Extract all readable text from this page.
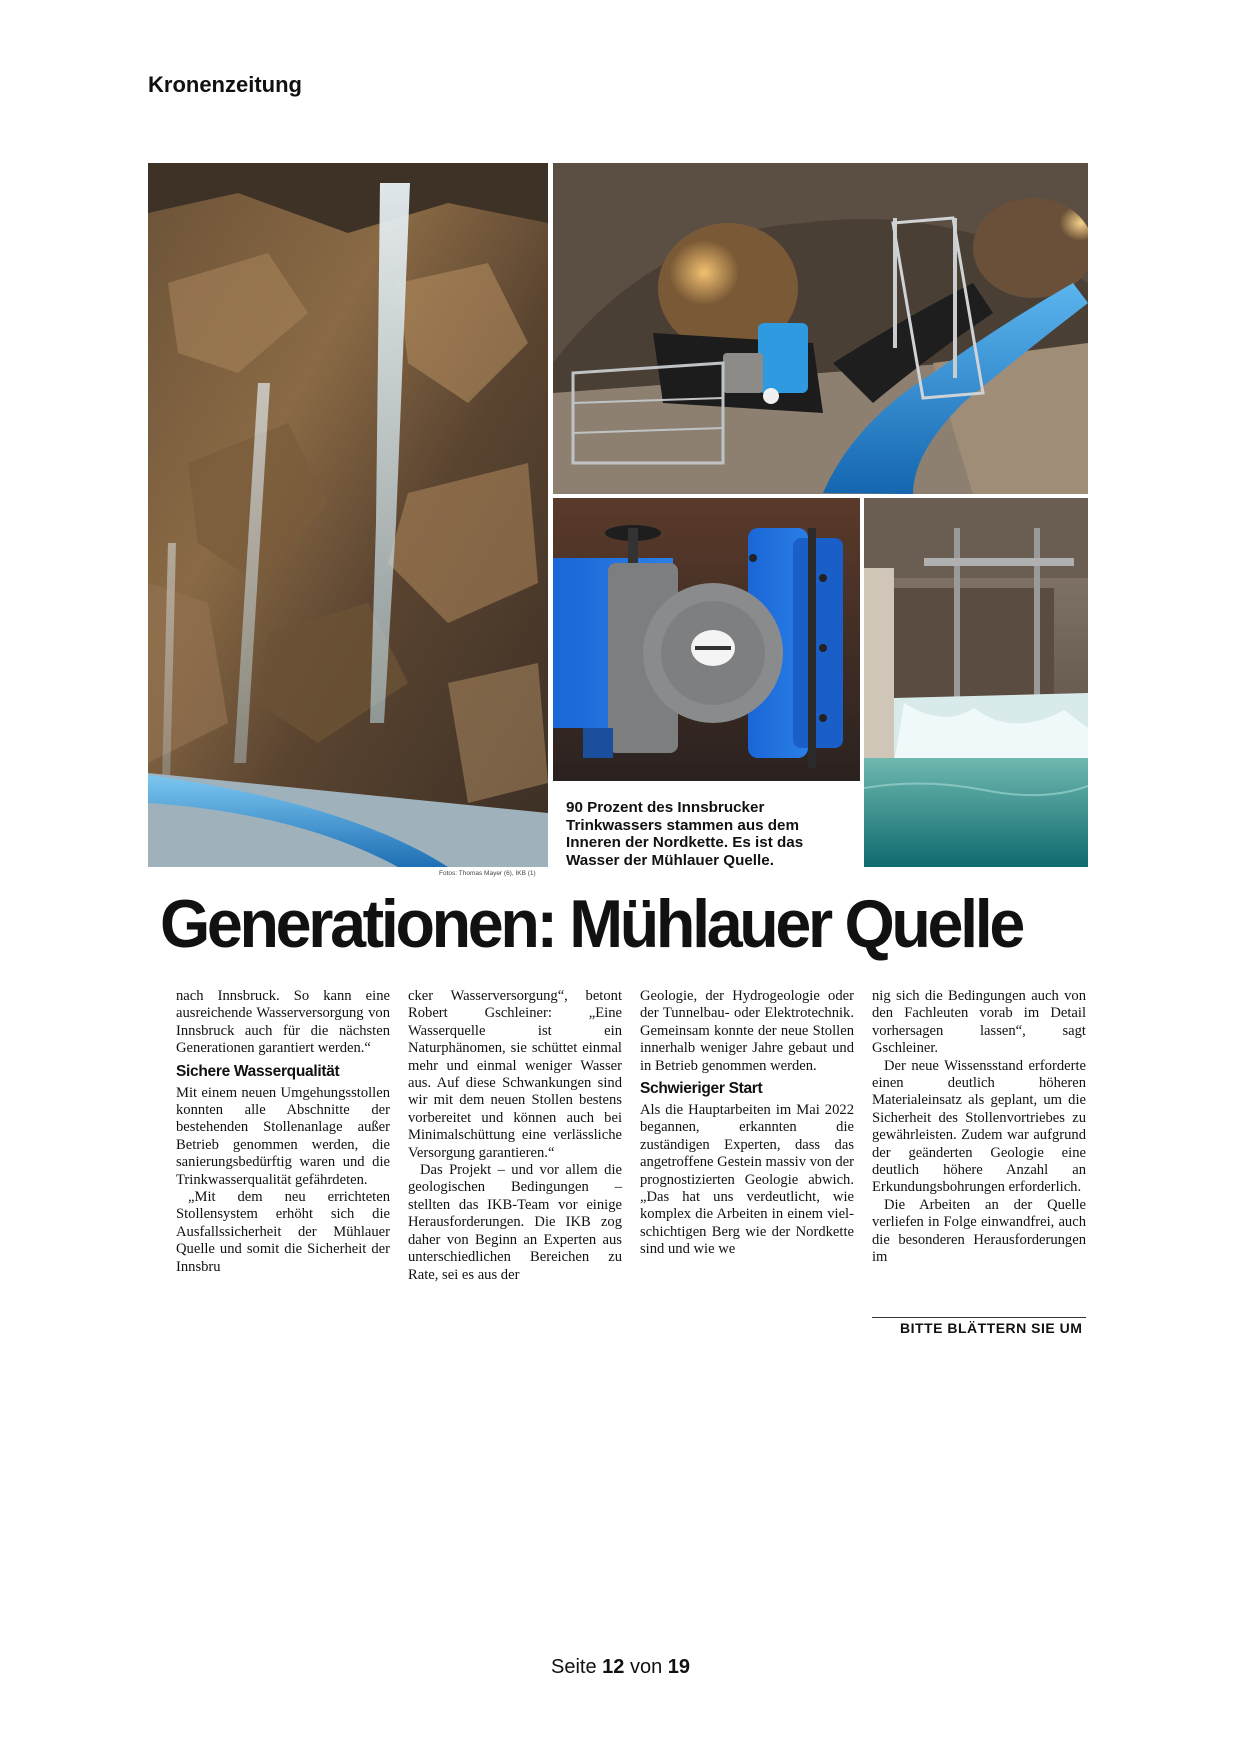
Kronenzeitung
Fotos: Thomas Mayer (6), IKB (1)
90 Prozent des Innsbrucker Trinkwassers stammen aus dem Inneren der Nordkette. Es ist das Wasser der Mühlauer Quelle.
Generationen: Mühlauer Quelle

nach Innsbruck. So kann eine ausreichende Wasserversorgung von Innsbruck auch für die nächsten Generationen garantiert werden.“

Sichere Wasserqualität

Mit einem neuen Umgehungsstollen konnten alle Abschnitte der bestehenden Stollenanlage außer Betrieb genommen werden, die sanierungsbedürftig waren und die Trinkwasserqualität gefährdeten.

„Mit dem neu errichteten Stollensystem erhöht sich die Ausfallssicherheit der Mühlauer Quelle und somit die Sicherheit der Innsbru

cker Wasserversorgung“, betont Robert Gschleiner: „Eine Wasserquelle ist ein Naturphänomen, sie schüttet einmal mehr und einmal weniger Wasser aus. Auf diese Schwankungen sind wir mit dem neuen Stollen bestens vorbereitet und können auch bei Minimalschüttung eine verlässliche Versorgung garantieren.“

Das Projekt – und vor allem die geologischen Bedingungen – stellten das IKB-Team vor einige Herausforderungen. Die IKB zog daher von Beginn an Experten aus unterschiedlichen Bereichen zu Rate, sei es aus der

Geologie, der Hydrogeologie oder der Tunnelbau- oder Elektrotechnik. Gemeinsam konnte der neue Stollen innerhalb weniger Jahre gebaut und in Betrieb genommen werden.

Schwieriger Start

Als die Hauptarbeiten im Mai 2022 begannen, erkannten die zuständigen Experten, dass das angetroffene Gestein massiv von der prognostizierten Geologie abwich. „Das hat uns verdeutlicht, wie komplex die Arbeiten in einem vielschichtigen Berg wie der Nordkette sind und wie we

nig sich die Bedingungen auch von den Fachleuten vorab im Detail vorhersagen lassen“, sagt Gschleiner.

Der neue Wissensstand erforderte einen deutlich höheren Materialeinsatz als geplant, um die Sicherheit des Stollenvortriebes zu gewährleisten. Zudem war aufgrund der geänderten Geologie eine deutlich höhere Anzahl an Erkundungsbohrungen erforderlich.

Die Arbeiten an der Quelle verliefen in Folge einwandfrei, auch die besonderen Herausforderungen im

BITTE BLÄTTERN SIE UM
Seite 12 von 19
